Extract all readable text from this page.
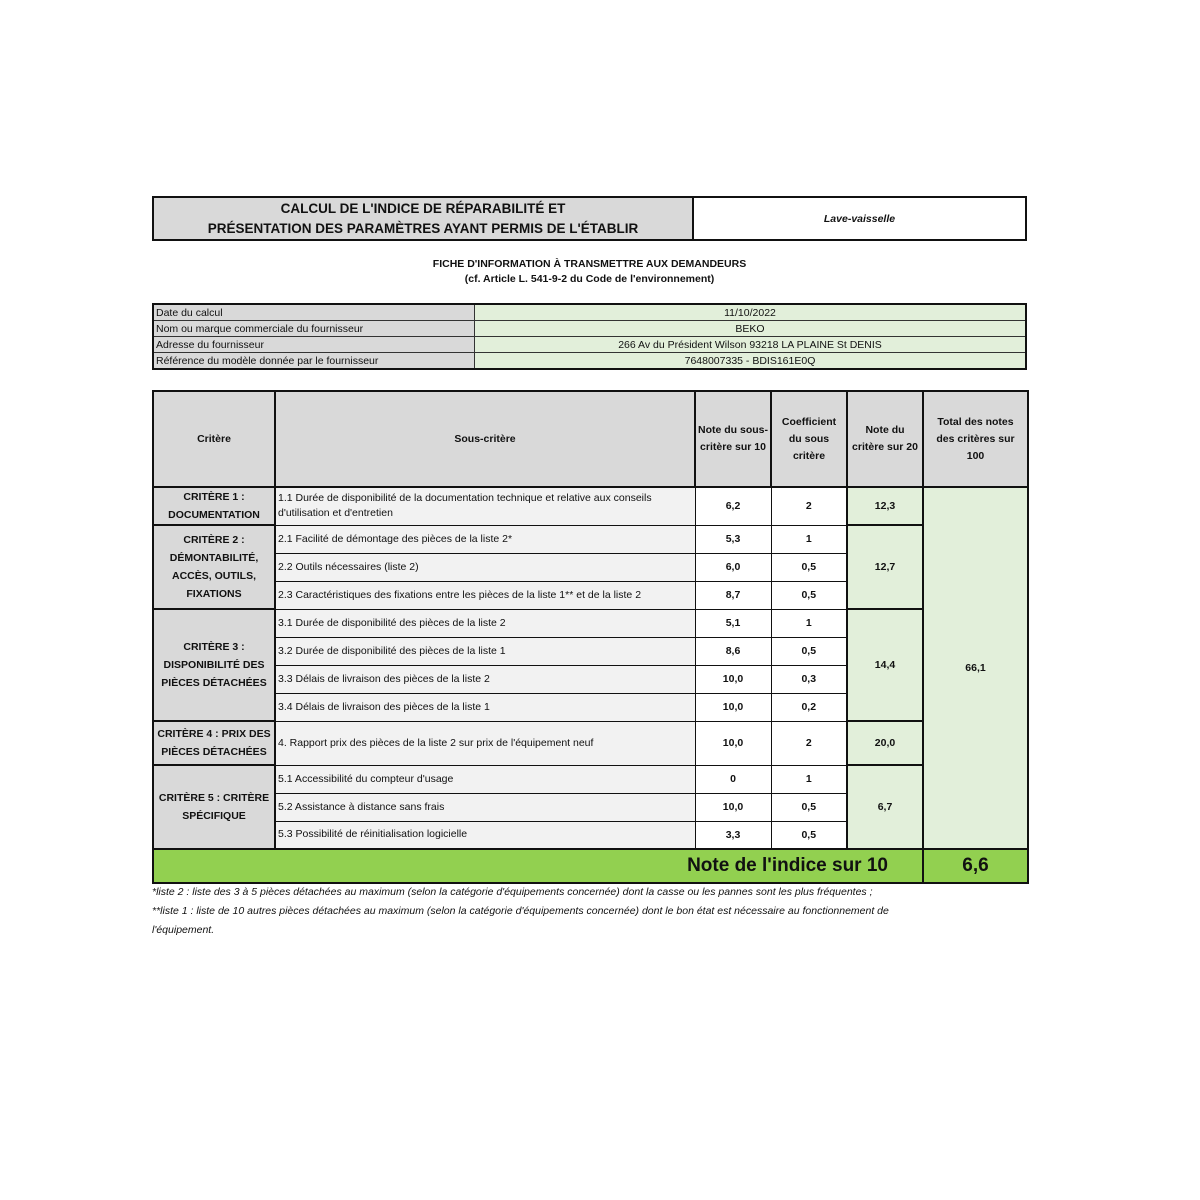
CALCUL DE L'INDICE DE RÉPARABILITÉ ET
PRÉSENTATION DES PARAMÈTRES AYANT PERMIS DE L'ÉTABLIR
Lave-vaisselle
FICHE D'INFORMATION À TRANSMETTRE AUX DEMANDEURS
(cf. Article L. 541-9-2 du Code de l'environnement)
Date du calcul	11/10/2022
Nom ou marque commerciale du fournisseur	BEKO
Adresse du fournisseur	266 Av du Président Wilson 93218 LA PLAINE St DENIS
Référence du modèle donnée par le fournisseur	7648007335 - BDIS161E0Q
Critère	Sous-critère	Note du sous-critère sur 10	Coefficient du sous critère	Note du critère sur 20	Total des notes des critères sur 100
CRITÈRE 1 : DOCUMENTATION	1.1 Durée de disponibilité de la documentation technique et relative aux conseils d'utilisation et d'entretien	6,2	2	12,3	66,1
CRITÈRE 2 : DÉMONTABILITÉ, ACCÈS, OUTILS, FIXATIONS	2.1 Facilité de démontage des pièces de la liste 2*	5,3	1	12,7	
	2.2 Outils nécessaires (liste 2)	6,0	0,5		
	2.3 Caractéristiques des fixations entre les pièces de la liste 1** et de la liste 2	8,7	0,5		
CRITÈRE 3 : DISPONIBILITÉ DES PIÈCES DÉTACHÉES	3.1 Durée de disponibilité des pièces de la liste 2	5,1	1	14,4	
	3.2 Durée de disponibilité des pièces de la liste 1	8,6	0,5		
	3.3 Délais de livraison des pièces de la liste 2	10,0	0,3		
	3.4 Délais de livraison des pièces de la liste 1	10,0	0,2		
CRITÈRE 4 : PRIX DES PIÈCES DÉTACHÉES	4. Rapport prix des pièces de la liste 2 sur prix de l'équipement neuf	10,0	2	20,0	
CRITÈRE 5 : CRITÈRE SPÉCIFIQUE	5.1 Accessibilité du compteur d'usage	0	1	6,7	
	5.2 Assistance à distance sans frais	10,0	0,5		
	5.3 Possibilité de réinitialisation logicielle	3,3	0,5		
Note de l'indice sur 10					6,6
*liste 2 : liste des 3 à 5 pièces détachées au maximum (selon la catégorie d'équipements concernée) dont la casse ou les pannes sont les plus fréquentes ;
**liste 1 : liste de 10 autres pièces détachées au maximum (selon la catégorie d'équipements concernée) dont le bon état est nécessaire au fonctionnement de
l'équipement.
